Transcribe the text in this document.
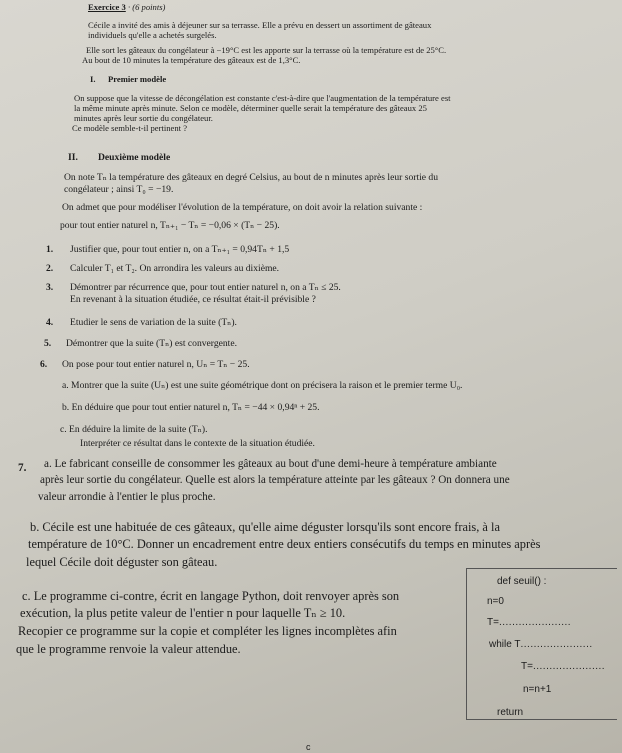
Exercice 3 · (6 points)
Cécile a invité des amis à déjeuner sur sa terrasse. Elle a prévu en dessert un assortiment de gâteaux
individuels qu'elle a achetés surgelés.
Elle sort les gâteaux du congélateur à −19°C est les apporte sur la terrasse où la température est de 25°C.
Au bout de 10 minutes la température des gâteaux est de 1,3°C.
I. Premier modèle
On suppose que la vitesse de décongélation est constante c'est-à-dire que l'augmentation de la température est
la même minute après minute. Selon ce modèle, déterminer quelle serait la température des gâteaux 25
minutes après leur sortie du congélateur.
Ce modèle semble-t-il pertinent ?
II. Deuxième modèle
On note Tₙ la température des gâteaux en degré Celsius, au bout de n minutes après leur sortie du
congélateur ; ainsi T₀ = −19.
On admet que pour modéliser l'évolution de la température, on doit avoir la relation suivante :
pour tout entier naturel n, Tₙ₊₁ − Tₙ = −0,06 × (Tₙ − 25).
1. Justifier que, pour tout entier n, on a Tₙ₊₁ = 0,94Tₙ + 1,5
2. Calculer T₁ et T₂. On arrondira les valeurs au dixième.
3. Démontrer par récurrence que, pour tout entier naturel n, on a Tₙ ≤ 25.
En revenant à la situation étudiée, ce résultat était-il prévisible ?
4. Etudier le sens de variation de la suite (Tₙ).
5. Démontrer que la suite (Tₙ) est convergente.
6. On pose pour tout entier naturel n, Uₙ = Tₙ − 25.
a. Montrer que la suite (Uₙ) est une suite géométrique dont on précisera la raison et le premier terme U₀.
b. En déduire que pour tout entier naturel n, Tₙ = −44 × 0,94ⁿ + 25.
c. En déduire la limite de la suite (Tₙ).
Interpréter ce résultat dans le contexte de la situation étudiée.
7. a. Le fabricant conseille de consommer les gâteaux au bout d'une demi-heure à température ambiante
après leur sortie du congélateur. Quelle est alors la température atteinte par les gâteaux ? On donnera une
valeur arrondie à l'entier le plus proche.
b. Cécile est une habituée de ces gâteaux, qu'elle aime déguster lorsqu'ils sont encore frais, à la
température de 10°C. Donner un encadrement entre deux entiers consécutifs du temps en minutes après
lequel Cécile doit déguster son gâteau.
c. Le programme ci-contre, écrit en langage Python, doit renvoyer après son
exécution, la plus petite valeur de l'entier n pour laquelle Tₙ ≥ 10.
Recopier ce programme sur la copie et compléter les lignes incomplètes afin
que le programme renvoie la valeur attendue.
def seuil() :
n=0
T=......................
while T......................
T=......................
n=n+1
return
c
